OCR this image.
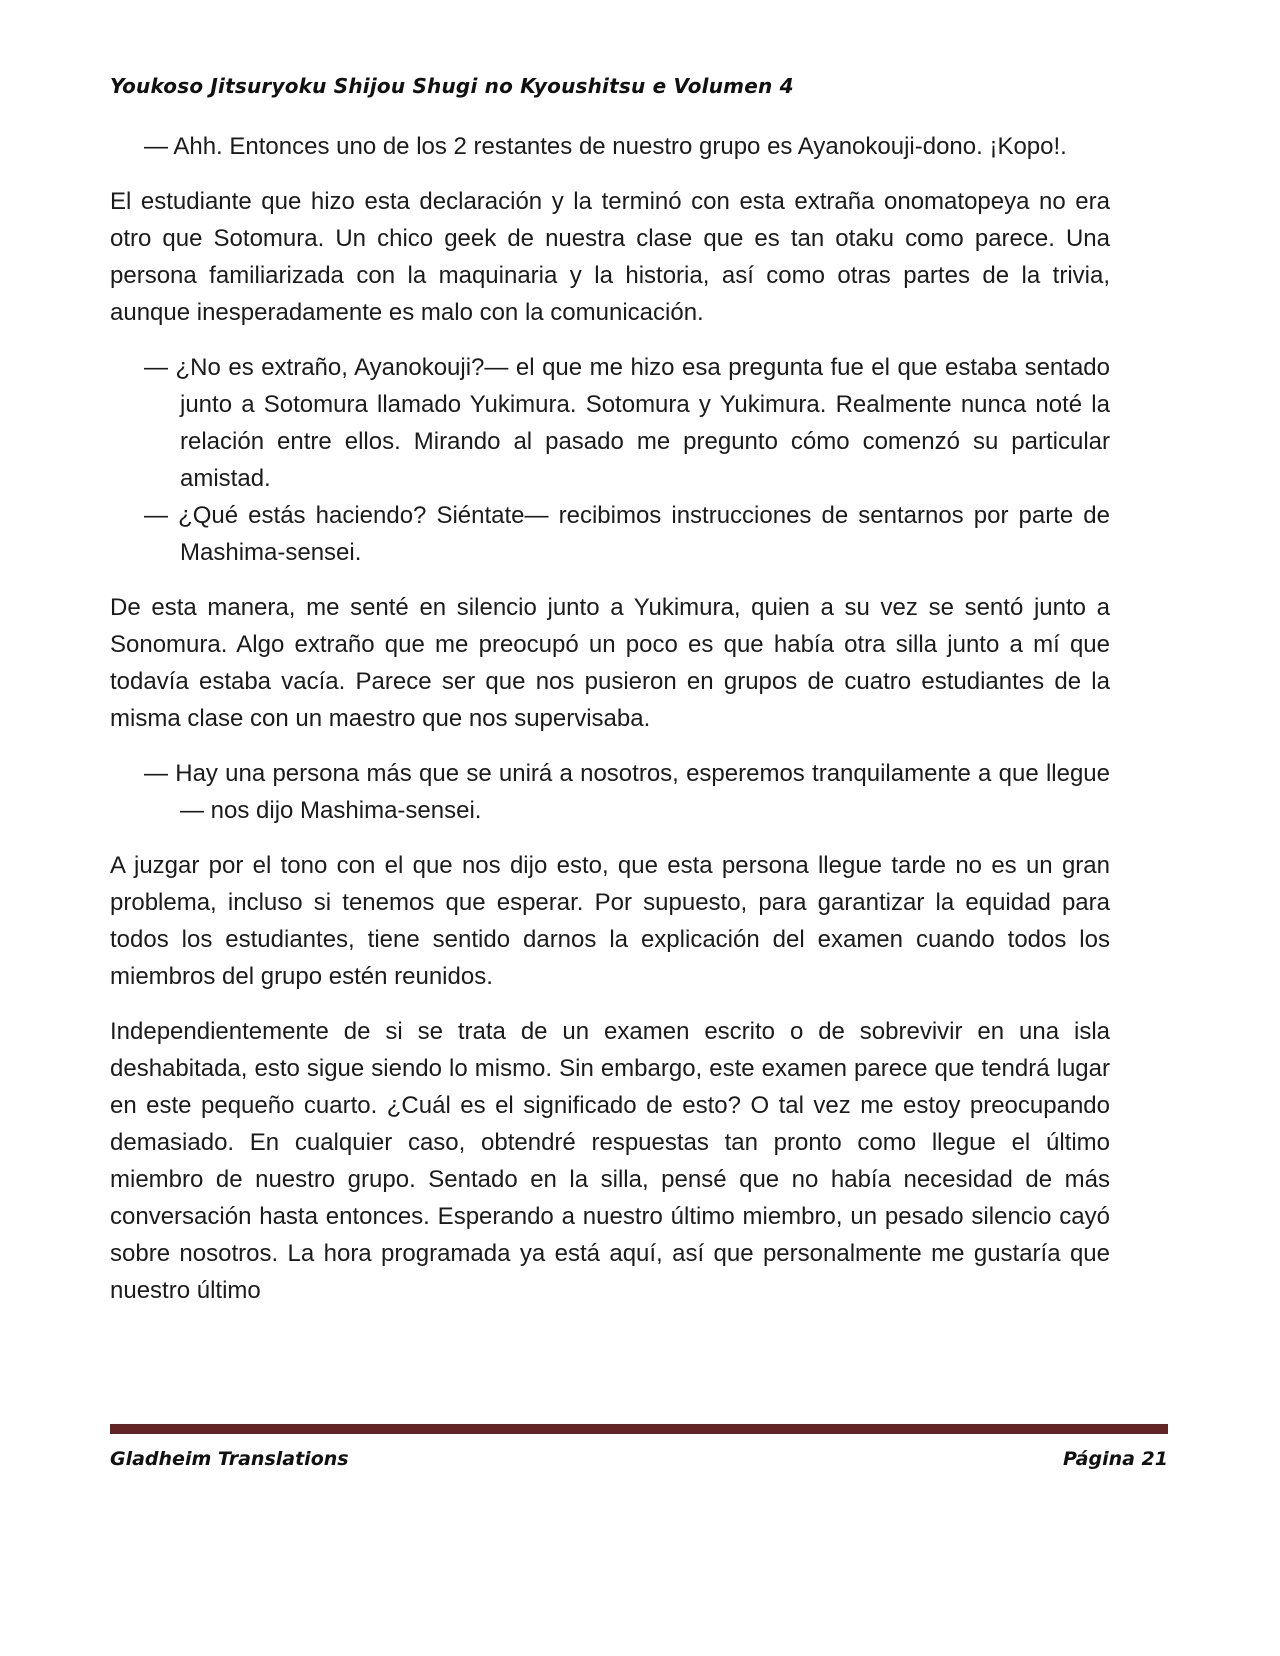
Youkoso Jitsuryoku Shijou Shugi no Kyoushitsu e Volumen 4

— Ahh. Entonces uno de los 2 restantes de nuestro grupo es Ayanokouji-dono. ¡Kopo!.

El estudiante que hizo esta declaración y la terminó con esta extraña onomatopeya no era otro que Sotomura. Un chico geek de nuestra clase que es tan otaku como parece. Una persona familiarizada con la maquinaria y la historia, así como otras partes de la trivia, aunque inesperadamente es malo con la comunicación.

— ¿No es extraño, Ayanokouji?— el que me hizo esa pregunta fue el que estaba sentado junto a Sotomura llamado Yukimura. Sotomura y Yukimura. Realmente nunca noté la relación entre ellos. Mirando al pasado me pregunto cómo comenzó su particular amistad.

— ¿Qué estás haciendo? Siéntate— recibimos instrucciones de sentarnos por parte de Mashima-sensei.

De esta manera, me senté en silencio junto a Yukimura, quien a su vez se sentó junto a Sonomura. Algo extraño que me preocupó un poco es que había otra silla junto a mí que todavía estaba vacía. Parece ser que nos pusieron en grupos de cuatro estudiantes de la misma clase con un maestro que nos supervisaba.

— Hay una persona más que se unirá a nosotros, esperemos tranquilamente a que llegue— nos dijo Mashima-sensei.

A juzgar por el tono con el que nos dijo esto, que esta persona llegue tarde no es un gran problema, incluso si tenemos que esperar. Por supuesto, para garantizar la equidad para todos los estudiantes, tiene sentido darnos la explicación del examen cuando todos los miembros del grupo estén reunidos.

Independientemente de si se trata de un examen escrito o de sobrevivir en una isla deshabitada, esto sigue siendo lo mismo. Sin embargo, este examen parece que tendrá lugar en este pequeño cuarto. ¿Cuál es el significado de esto? O tal vez me estoy preocupando demasiado. En cualquier caso, obtendré respuestas tan pronto como llegue el último miembro de nuestro grupo. Sentado en la silla, pensé que no había necesidad de más conversación hasta entonces. Esperando a nuestro último miembro, un pesado silencio cayó sobre nosotros. La hora programada ya está aquí, así que personalmente me gustaría que nuestro último

Gladheim Translations	Página 21
